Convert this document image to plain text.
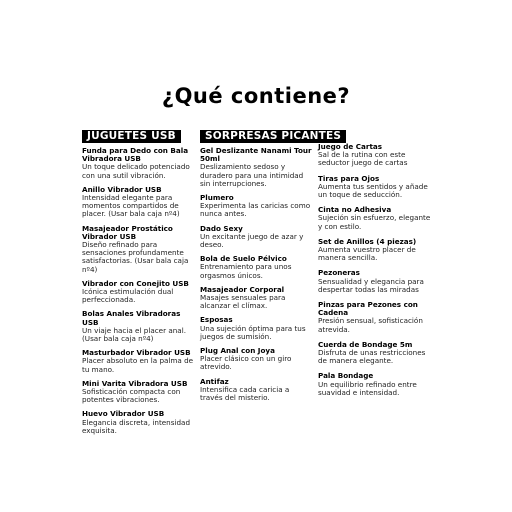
¿Qué contiene?
JUGUETES USB
Funda para Dedo con Bala Vibradora USB
Un toque delicado potenciado con una sutil vibración.
Anillo Vibrador USB
Intensidad elegante para momentos compartidos de placer. (Usar bala caja nº4)
Masajeador Prostático Vibrador USB
Diseño refinado para sensaciones profundamente satisfactorias. (Usar bala caja nº4)
Vibrador con Conejito USB
Icónica estimulación dual perfeccionada.
Bolas Anales Vibradoras USB
Un viaje hacia el placer anal. (Usar bala caja nº4)
Masturbador Vibrador USB
Placer absoluto en la palma de tu mano.
Mini Varita Vibradora USB
Sofisticación compacta con potentes vibraciones.
Huevo Vibrador USB
Elegancia discreta, intensidad exquisita.
SORPRESAS PICANTES
Gel Deslizante Nanami Tour 50ml
Deslizamiento sedoso y duradero para una intimidad sin interrupciones.
Plumero
Experimenta las caricias como nunca antes.
Dado Sexy
Un excitante juego de azar y deseo.
Bola de Suelo Pélvico
Entrenamiento para unos orgasmos únicos.
Masajeador Corporal
Masajes sensuales para alcanzar el clímax.
Esposas
Una sujeción óptima para tus juegos de sumisión.
Plug Anal con Joya
Placer clásico con un giro atrevido.
Antifaz
Intensifica cada caricia a través del misterio.
Juego de Cartas
Sal de la rutina con este seductor juego de cartas
Tiras para Ojos
Aumenta tus sentidos y añade un toque de seducción.
Cinta no Adhesiva
Sujeción sin esfuerzo, elegante y con estilo.
Set de Anillos (4 piezas)
Aumenta vuestro placer de manera sencilla.
Pezoneras
Sensualidad y elegancia para despertar todas las miradas
Pinzas para Pezones con Cadena
Presión sensual, sofisticación atrevida.
Cuerda de Bondage 5m
Disfruta de unas restricciones de manera elegante.
Pala Bondage
Un equilibrio refinado entre suavidad e intensidad.
